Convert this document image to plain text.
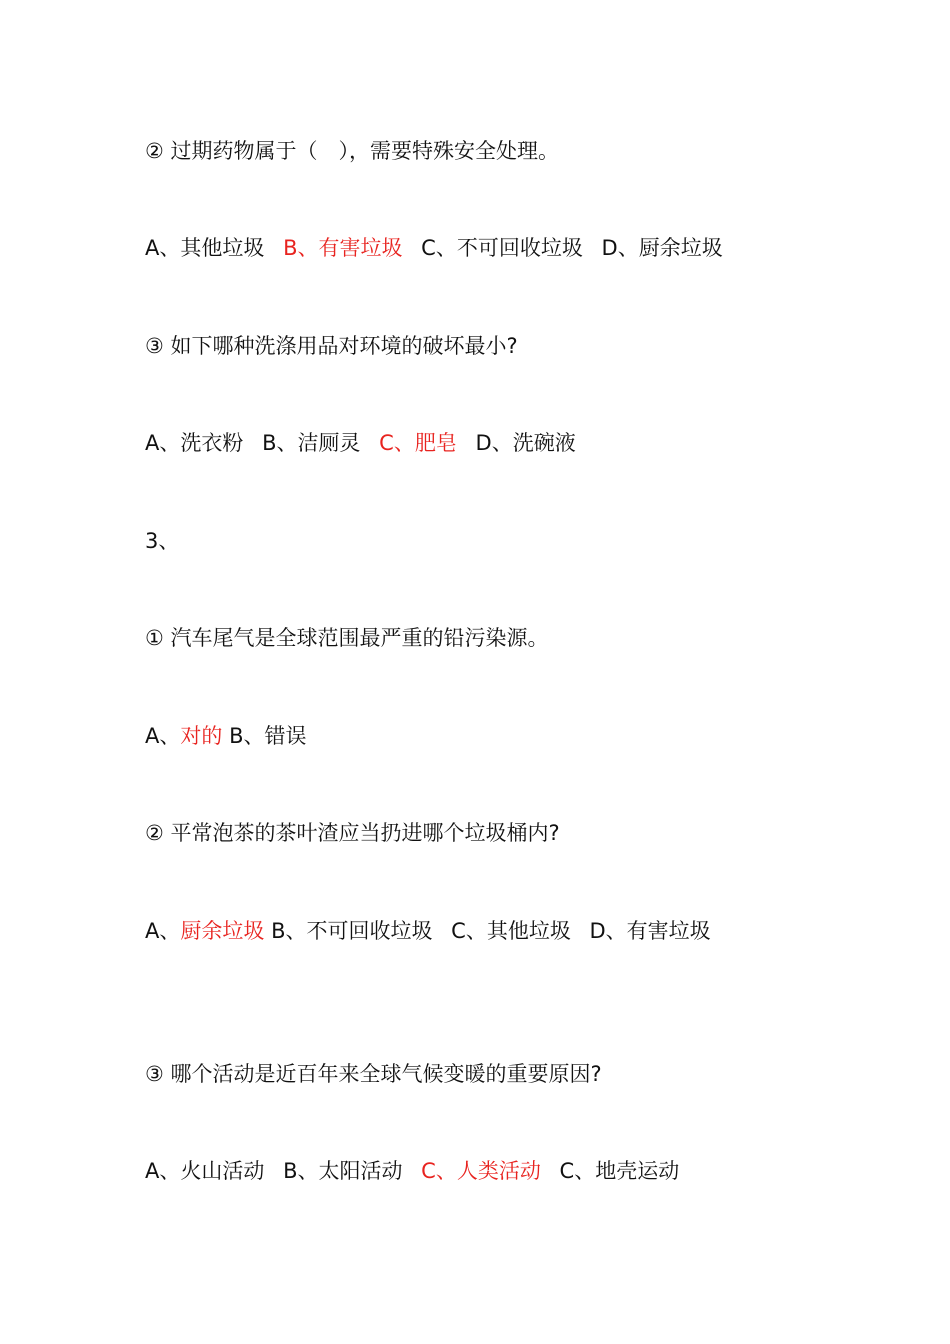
② 过期药物属于（　），需要特殊安全处理。

A、其他垃圾 B、有害垃圾 C、不可回收垃圾 D、厨余垃圾

③ 如下哪种洗涤用品对环境的破坏最小?

A、洗衣粉 B、洁厕灵 C、肥皂 D、洗碗液

3、

① 汽车尾气是全球范围最严重的铅污染源。

A、对的 B、错误

② 平常泡茶的茶叶渣应当扔进哪个垃圾桶内?

A、厨余垃圾 B、不可回收垃圾 C、其他垃圾 D、有害垃圾

③ 哪个活动是近百年来全球气候变暖的重要原因?

A、火山活动 B、太阳活动 C、人类活动 C、地壳运动
